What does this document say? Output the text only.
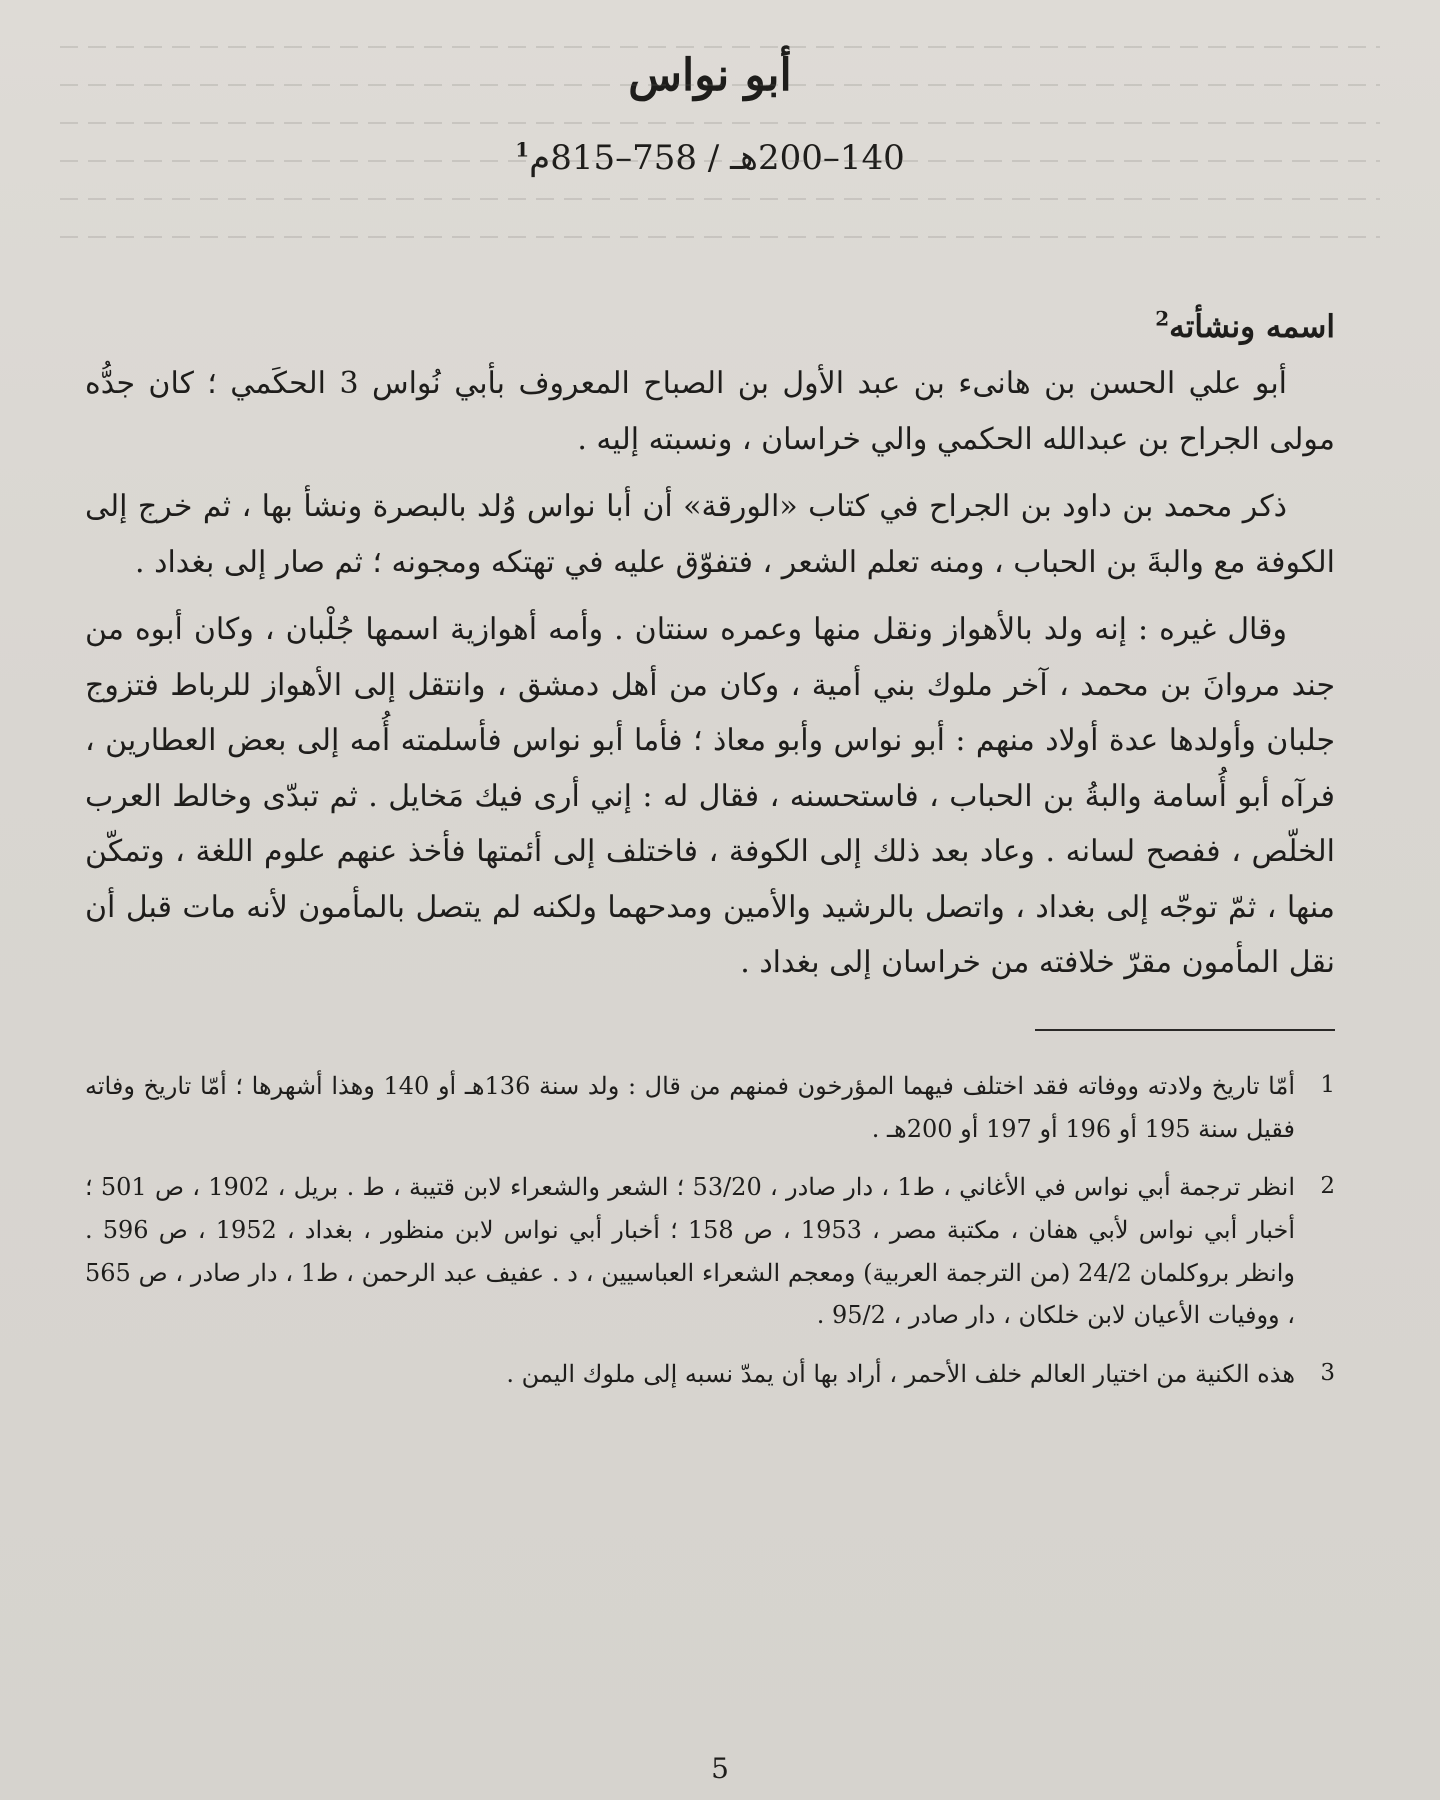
أبو نواس
140–200هـ / 758–815م$^1$
اسمه ونشأته$^2$

أبو علي الحسن بن هانىء بن عبد الأول بن الصباح المعروف بأبي نُواس 3 الحكَمي ؛ كان جدُّه مولى الجراح بن عبدالله الحكمي والي خراسان ، ونسبته إليه .

ذكر محمد بن داود بن الجراح في كتاب «الورقة» أن أبا نواس وُلد بالبصرة ونشأ بها ، ثم خرج إلى الكوفة مع والبةَ بن الحباب ، ومنه تعلم الشعر ، فتفوّق عليه في تهتكه ومجونه ؛ ثم صار إلى بغداد .

وقال غيره : إنه ولد بالأهواز ونقل منها وعمره سنتان . وأمه أهوازية اسمها جُلْبان ، وكان أبوه من جند مروانَ بن محمد ، آخر ملوك بني أمية ، وكان من أهل دمشق ، وانتقل إلى الأهواز للرباط فتزوج جلبان وأولدها عدة أولاد منهم : أبو نواس وأبو معاذ ؛ فأما أبو نواس فأسلمته أُمه إلى بعض العطارين ، فرآه أبو أُسامة والبةُ بن الحباب ، فاستحسنه ، فقال له : إني أرى فيك مَخايل . ثم تبدّى وخالط العرب الخلّص ، ففصح لسانه . وعاد بعد ذلك إلى الكوفة ، فاختلف إلى أئمتها فأخذ عنهم علوم اللغة ، وتمكّن منها ، ثمّ توجّه إلى بغداد ، واتصل بالرشيد والأمين ومدحهما ولكنه لم يتصل بالمأمون لأنه مات قبل أن نقل المأمون مقرّ خلافته من خراسان إلى بغداد .

1
أمّا تاريخ ولادته ووفاته فقد اختلف فيهما المؤرخون فمنهم من قال : ولد سنة 136هـ أو 140 وهذا أشهرها ؛ أمّا تاريخ وفاته فقيل سنة 195 أو 196 أو 197 أو 200هـ .
2
انظر ترجمة أبي نواس في الأغاني ، ط1 ، دار صادر ، 53/20 ؛ الشعر والشعراء لابن قتيبة ، ط . بريل ، 1902 ، ص 501 ؛ أخبار أبي نواس لأبي هفان ، مكتبة مصر ، 1953 ، ص 158 ؛ أخبار أبي نواس لابن منظور ، بغداد ، 1952 ، ص 596 . وانظر بروكلمان 24/2 (من الترجمة العربية) ومعجم الشعراء العباسيين ، د . عفيف عبد الرحمن ، ط1 ، دار صادر ، ص 565 ، ووفيات الأعيان لابن خلكان ، دار صادر ، 95/2 .
3
هذه الكنية من اختيار العالم خلف الأحمر ، أراد بها أن يمدّ نسبه إلى ملوك اليمن .
5
